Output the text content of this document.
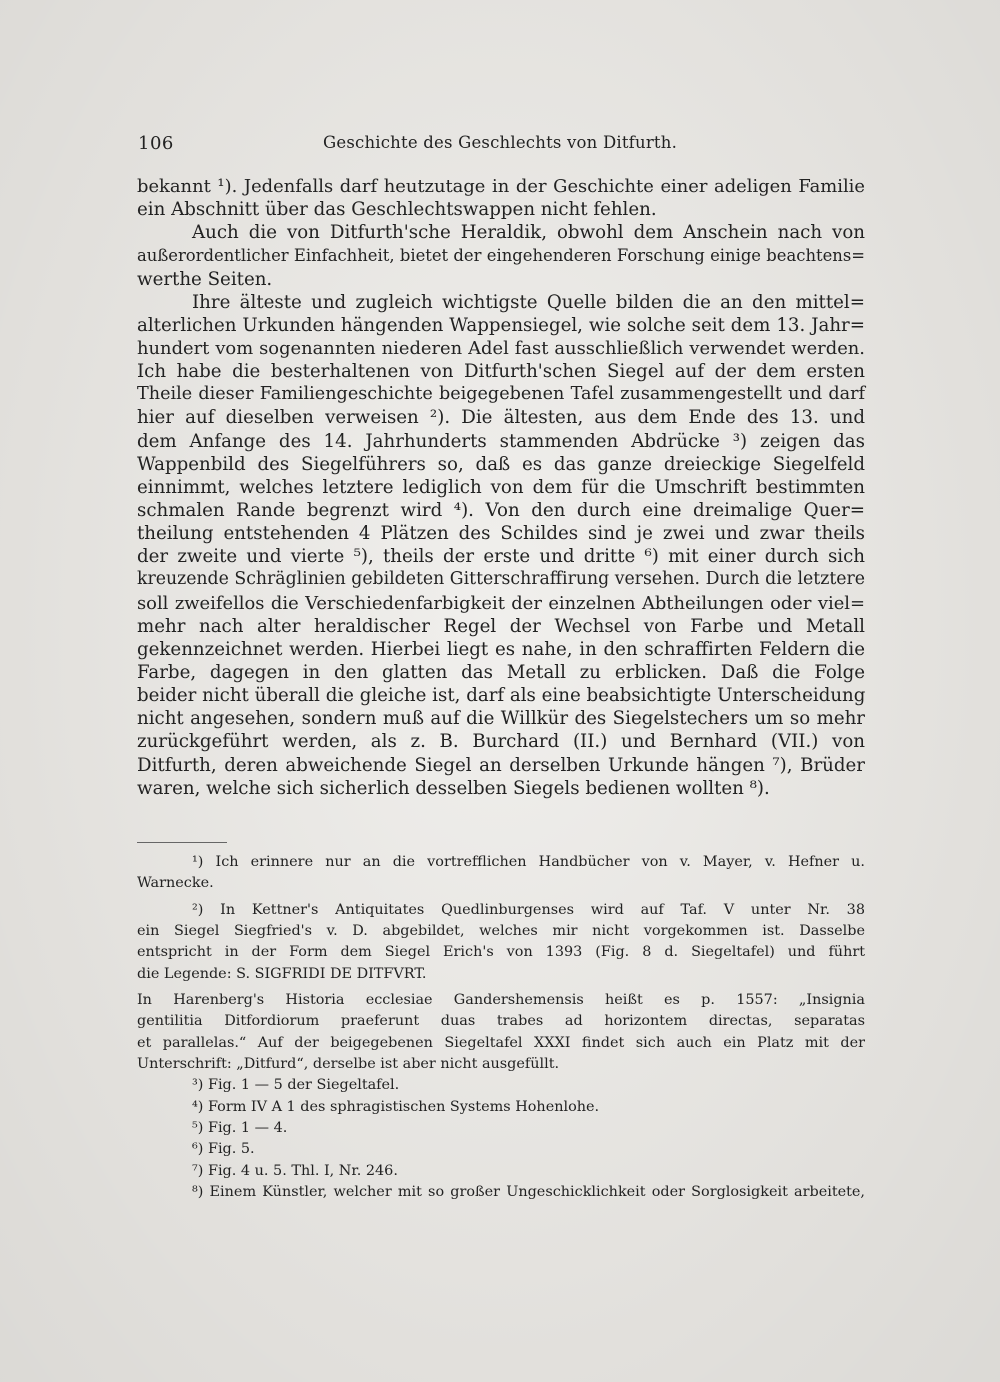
106	Geschichte des Geschlechts von Ditfurth.
bekannt ¹). Jedenfalls darf heutzutage in der Geschichte einer adeligen Familie
ein Abschnitt über das Geschlechtswappen nicht fehlen.
Auch die von Ditfurth'sche Heraldik, obwohl dem Anschein nach von
außerordentlicher Einfachheit, bietet der eingehenderen Forschung einige beachtens=
werthe Seiten.
Ihre älteste und zugleich wichtigste Quelle bilden die an den mittel=
alterlichen Urkunden hängenden Wappensiegel, wie solche seit dem 13. Jahr=
hundert vom sogenannten niederen Adel fast ausschließlich verwendet werden.
Ich habe die besterhaltenen von Ditfurth'schen Siegel auf der dem ersten
Theile dieser Familiengeschichte beigegebenen Tafel zusammengestellt und darf
hier auf dieselben verweisen ²). Die ältesten, aus dem Ende des 13. und
dem Anfange des 14. Jahrhunderts stammenden Abdrücke ³) zeigen das
Wappenbild des Siegelführers so, daß es das ganze dreieckige Siegelfeld
einnimmt, welches letztere lediglich von dem für die Umschrift bestimmten
schmalen Rande begrenzt wird ⁴). Von den durch eine dreimalige Quer=
theilung entstehenden 4 Plätzen des Schildes sind je zwei und zwar theils
der zweite und vierte ⁵), theils der erste und dritte ⁶) mit einer durch sich
kreuzende Schräglinien gebildeten Gitterschraffirung versehen. Durch die letztere
soll zweifellos die Verschiedenfarbigkeit der einzelnen Abtheilungen oder viel=
mehr nach alter heraldischer Regel der Wechsel von Farbe und Metall
gekennzeichnet werden. Hierbei liegt es nahe, in den schraffirten Feldern die
Farbe, dagegen in den glatten das Metall zu erblicken. Daß die Folge
beider nicht überall die gleiche ist, darf als eine beabsichtigte Unterscheidung
nicht angesehen, sondern muß auf die Willkür des Siegelstechers um so mehr
zurückgeführt werden, als z. B. Burchard (II.) und Bernhard (VII.) von
Ditfurth, deren abweichende Siegel an derselben Urkunde hängen ⁷), Brüder
waren, welche sich sicherlich desselben Siegels bedienen wollten ⁸).
¹) Ich erinnere nur an die vortrefflichen Handbücher von v. Mayer, v. Hefner u.
Warnecke.
²) In Kettner's Antiquitates Quedlinburgenses wird auf Taf. V unter Nr. 38
ein Siegel Siegfried's v. D. abgebildet, welches mir nicht vorgekommen ist. Dasselbe
entspricht in der Form dem Siegel Erich's von 1393 (Fig. 8 d. Siegeltafel) und führt
die Legende: S. SIGFRIDI DE DITFVRT.
In Harenberg's Historia ecclesiae Gandershemensis heißt es p. 1557: „Insignia
gentilitia Ditfordiorum praeferunt duas trabes ad horizontem directas, separatas
et parallelas.“ Auf der beigegebenen Siegeltafel XXXI findet sich auch ein Platz mit der
Unterschrift: „Ditfurd“, derselbe ist aber nicht ausgefüllt.
³) Fig. 1 — 5 der Siegeltafel.
⁴) Form IV A 1 des sphragistischen Systems Hohenlohe.
⁵) Fig. 1 — 4.
⁶) Fig. 5.
⁷) Fig. 4 u. 5. Thl. I, Nr. 246.
⁸) Einem Künstler, welcher mit so großer Ungeschicklichkeit oder Sorglosigkeit arbeitete,
